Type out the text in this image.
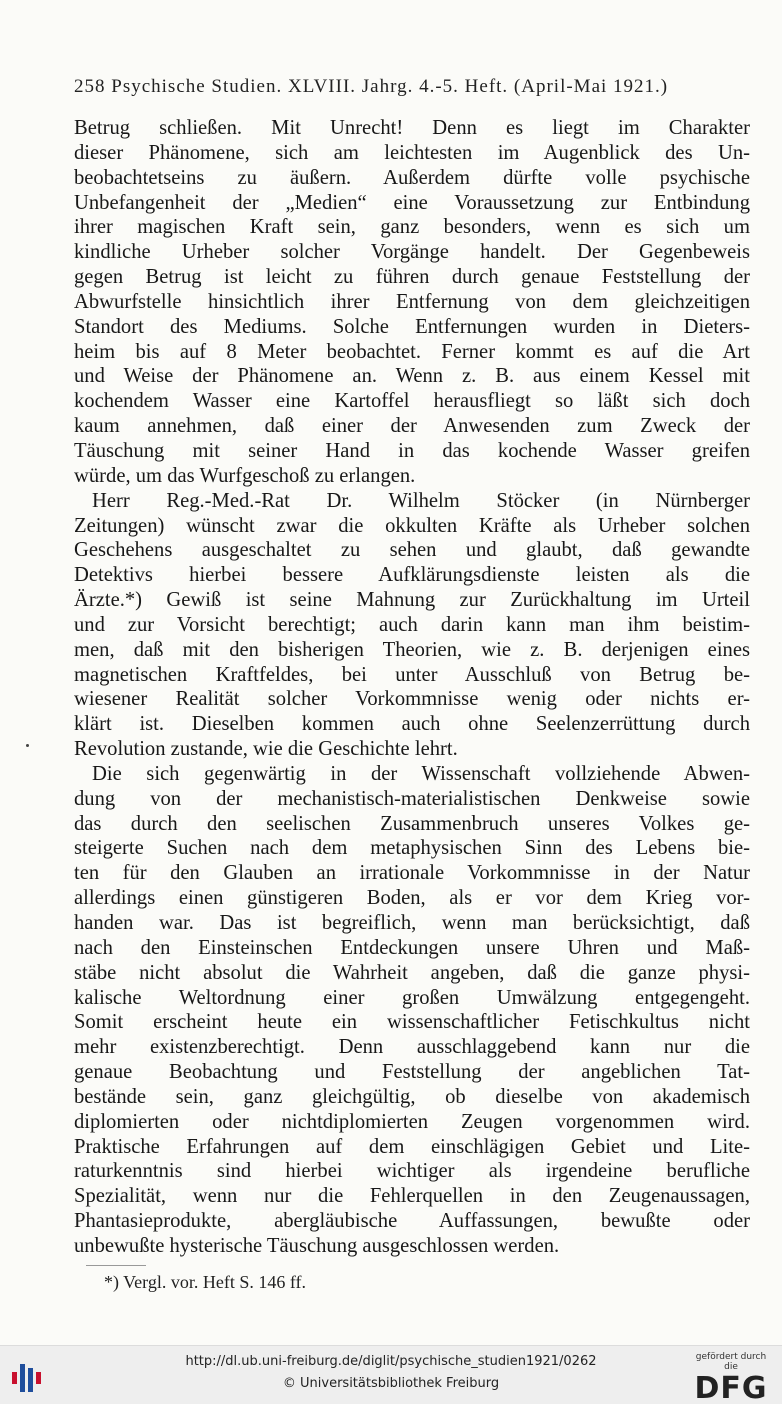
258 Psychische Studien. XLVIII. Jahrg. 4.-5. Heft. (April-Mai 1921.)
Betrug schließen. Mit Unrecht! Denn es liegt im Charakter
dieser Phänomene, sich am leichtesten im Augenblick des Un-
beobachtetseins zu äußern. Außerdem dürfte volle psychische
Unbefangenheit der „Medien“ eine Voraussetzung zur Entbindung
ihrer magischen Kraft sein, ganz besonders, wenn es sich um
kindliche Urheber solcher Vorgänge handelt. Der Gegenbeweis
gegen Betrug ist leicht zu führen durch genaue Feststellung der
Abwurfstelle hinsichtlich ihrer Entfernung von dem gleichzeitigen
Standort des Mediums. Solche Entfernungen wurden in Dieters-
heim bis auf 8 Meter beobachtet. Ferner kommt es auf die Art
und Weise der Phänomene an. Wenn z. B. aus einem Kessel mit
kochendem Wasser eine Kartoffel herausfliegt so läßt sich doch
kaum annehmen, daß einer der Anwesenden zum Zweck der
Täuschung mit seiner Hand in das kochende Wasser greifen
würde, um das Wurfgeschoß zu erlangen.
Herr Reg.-Med.-Rat Dr. Wilhelm Stöcker (in Nürnberger
Zeitungen) wünscht zwar die okkulten Kräfte als Urheber solchen
Geschehens ausgeschaltet zu sehen und glaubt, daß gewandte
Detektivs hierbei bessere Aufklärungsdienste leisten als die
Ärzte.*) Gewiß ist seine Mahnung zur Zurückhaltung im Urteil
und zur Vorsicht berechtigt; auch darin kann man ihm beistim-
men, daß mit den bisherigen Theorien, wie z. B. derjenigen eines
magnetischen Kraftfeldes, bei unter Ausschluß von Betrug be-
wiesener Realität solcher Vorkommnisse wenig oder nichts er-
klärt ist. Dieselben kommen auch ohne Seelenzerrüttung durch
Revolution zustande, wie die Geschichte lehrt.
Die sich gegenwärtig in der Wissenschaft vollziehende Abwen-
dung von der mechanistisch-materialistischen Denkweise sowie
das durch den seelischen Zusammenbruch unseres Volkes ge-
steigerte Suchen nach dem metaphysischen Sinn des Lebens bie-
ten für den Glauben an irrationale Vorkommnisse in der Natur
allerdings einen günstigeren Boden, als er vor dem Krieg vor-
handen war. Das ist begreiflich, wenn man berücksichtigt, daß
nach den Einsteinschen Entdeckungen unsere Uhren und Maß-
stäbe nicht absolut die Wahrheit angeben, daß die ganze physi-
kalische Weltordnung einer großen Umwälzung entgegengeht.
Somit erscheint heute ein wissenschaftlicher Fetischkultus nicht
mehr existenzberechtigt. Denn ausschlaggebend kann nur die
genaue Beobachtung und Feststellung der angeblichen Tat-
bestände sein, ganz gleichgültig, ob dieselbe von akademisch
diplomierten oder nichtdiplomierten Zeugen vorgenommen wird.
Praktische Erfahrungen auf dem einschlägigen Gebiet und Lite-
raturkenntnis sind hierbei wichtiger als irgendeine berufliche
Spezialität, wenn nur die Fehlerquellen in den Zeugenaussagen,
Phantasieprodukte, abergläubische Auffassungen, bewußte oder
unbewußte hysterische Täuschung ausgeschlossen werden.
*) Vergl. vor. Heft S. 146 ff.
http://dl.ub.uni-freiburg.de/diglit/psychische_studien1921/0262
© Universitätsbibliothek Freiburg
gefördert durch die
DFG
